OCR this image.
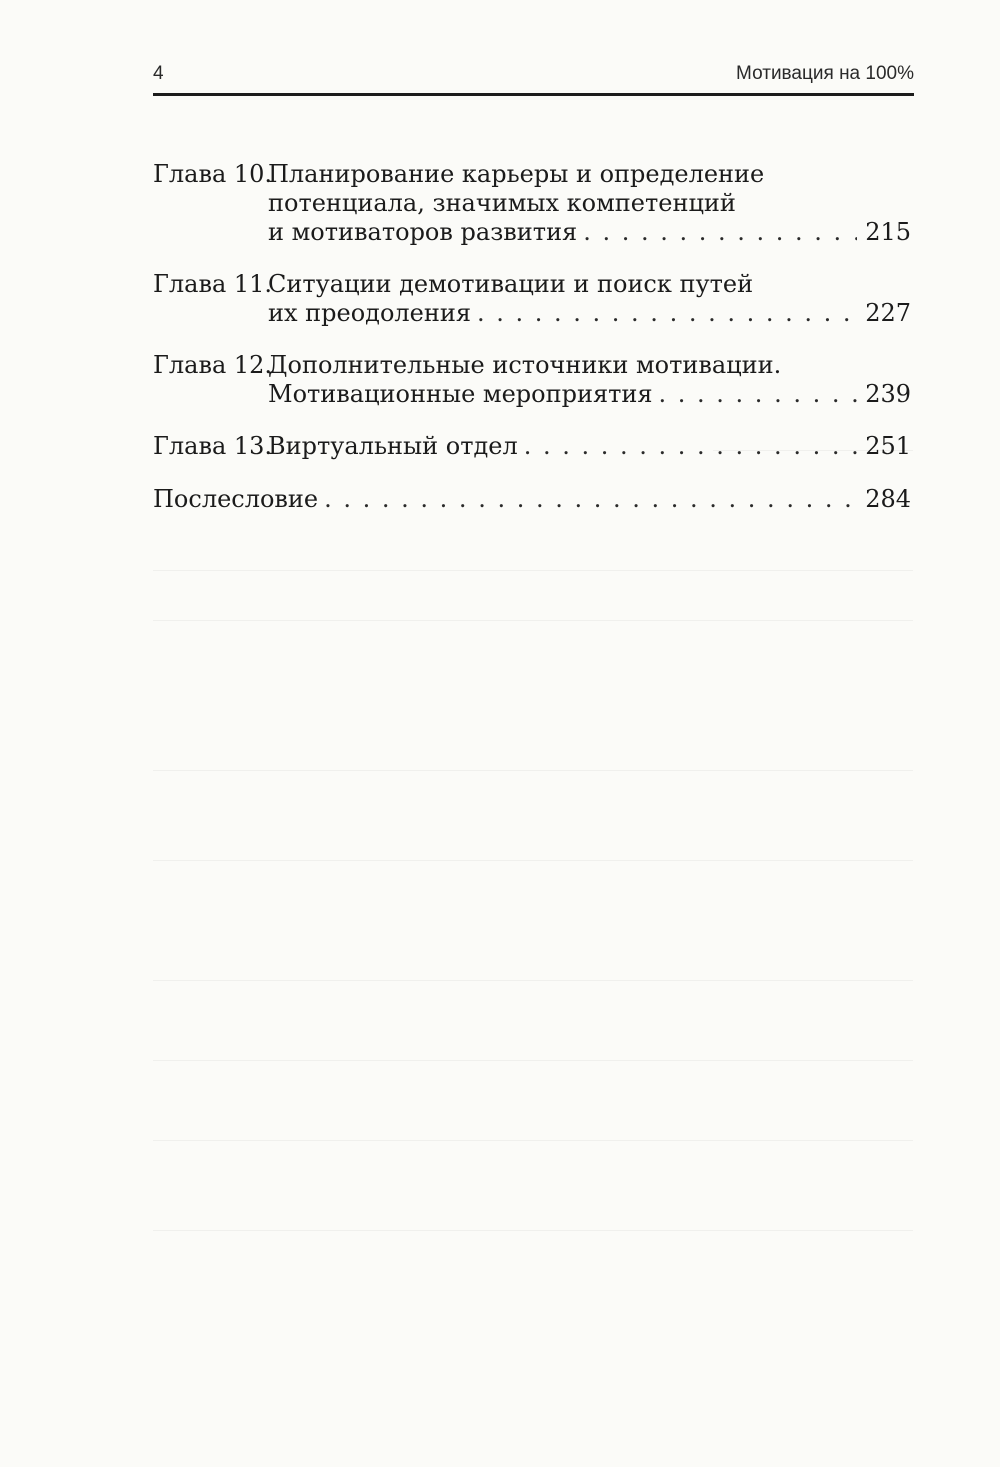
4	Мотивация на 100%
Глава 10.
Планирование карьеры и определение
потенциала, значимых компетенций
и мотиваторов развития . . .	215
Глава 11.
Ситуации демотивации и поиск путей
их преодоления . . .	227
Глава 12.
Дополнительные источники мотивации.
Мотивационные мероприятия . . .	239
Глава 13.
Виртуальный отдел . . .	251
Послесловие . . .	284
